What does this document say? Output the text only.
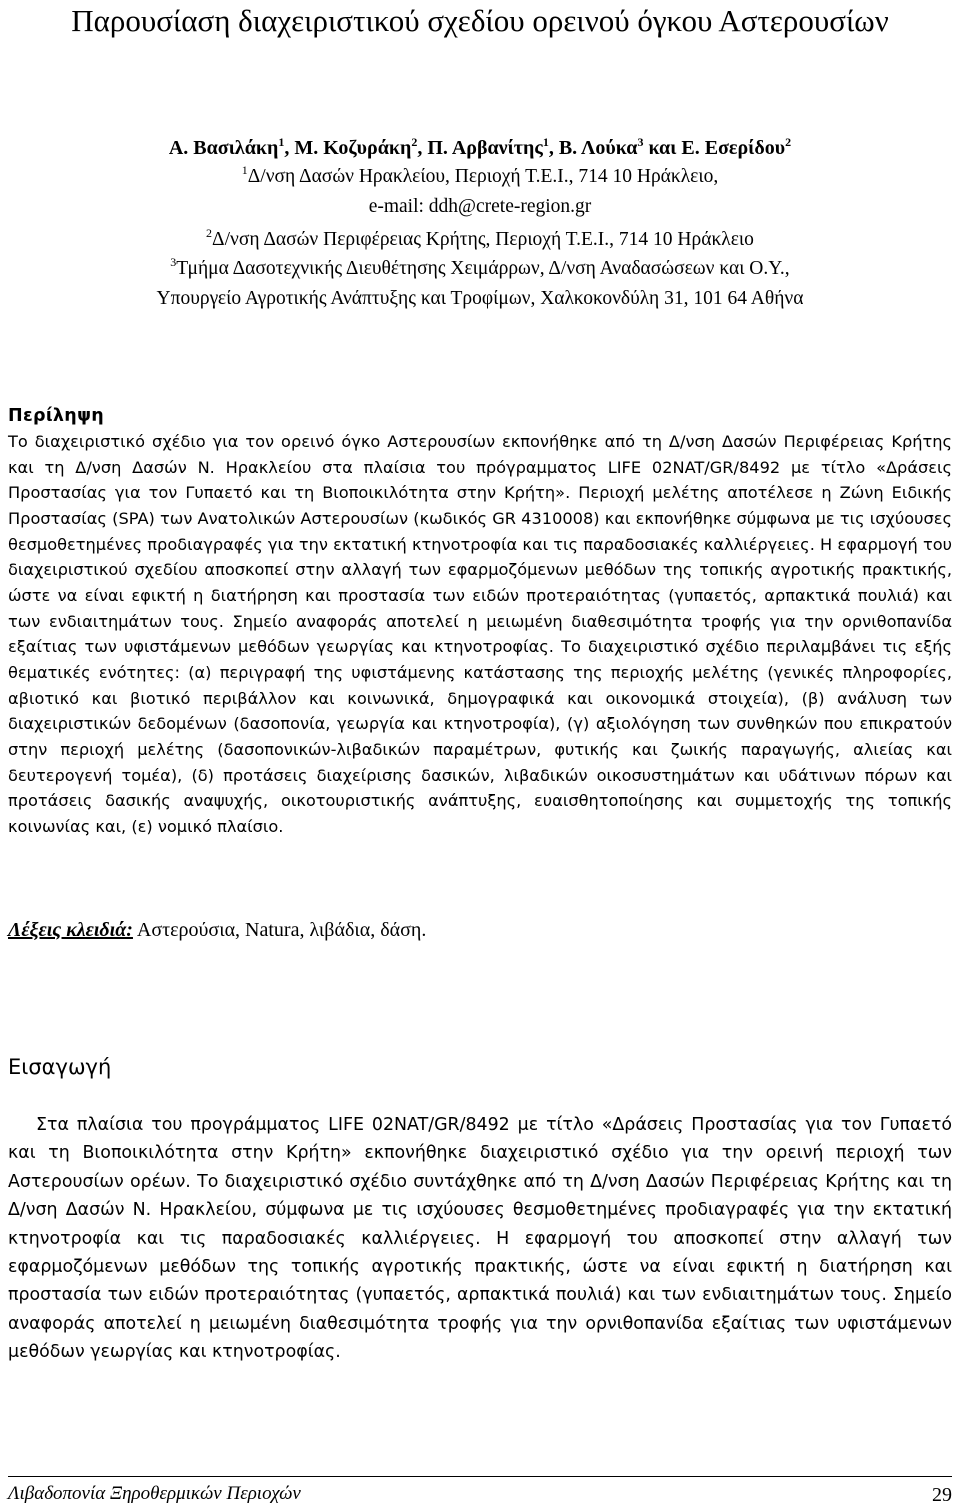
Παρουσίαση διαχειριστικού σχεδίου ορεινού όγκου Αστερουσίων
Α. Βασιλάκη$^1$, Μ. Κοζυράκη$^2$, Π. Αρβανίτης$^1$, Β. Λούκα$^3$ και Ε. Εσερίδου$^2$
$^1$Δ/νση Δασών Ηρακλείου, Περιοχή Τ.Ε.Ι., 714 10 Ηράκλειο,
e-mail: ddh@crete-region.gr
$^2$Δ/νση Δασών Περιφέρειας Κρήτης, Περιοχή Τ.Ε.Ι., 714 10 Ηράκλειο
$^3$Τμήμα Δασοτεχνικής Διευθέτησης Χειμάρρων, Δ/νση Αναδασώσεων και Ο.Υ.,
Υπουργείο Αγροτικής Ανάπτυξης και Τροφίμων, Χαλκοκονδύλη 31, 101 64 Αθήνα
Περίληψη

Το διαχειριστικό σχέδιο για τον ορεινό όγκο Αστερουσίων εκπονήθηκε από τη Δ/νση Δασών Περιφέρειας Κρήτης και τη Δ/νση Δασών Ν. Ηρακλείου στα πλαίσια του πρόγραμματος LIFE 02NAT/GR/8492 με τίτλο «Δράσεις Προστασίας για τον Γυπαετό και τη Βιοποικιλότητα στην Κρήτη». Περιοχή μελέτης αποτέλεσε η Ζώνη Ειδικής Προστασίας (SPA) των Ανατολικών Αστερουσίων (κωδικός GR 4310008) και εκπονήθηκε σύμφωνα με τις ισχύουσες θεσμοθετημένες προδιαγραφές για την εκτατική κτηνοτροφία και τις παραδοσιακές καλλιέργειες. Η εφαρμογή του διαχειριστικού σχεδίου αποσκοπεί στην αλλαγή των εφαρμοζόμενων μεθόδων της τοπικής αγροτικής πρακτικής, ώστε να είναι εφικτή η διατήρηση και προστασία των ειδών προτεραιότητας (γυπαετός, αρπακτικά πουλιά) και των ενδιαιτημάτων τους. Σημείο αναφοράς αποτελεί η μειωμένη διαθεσιμότητα τροφής για την ορνιθοπανίδα εξαίτιας των υφιστάμενων μεθόδων γεωργίας και κτηνοτροφίας. Το διαχειριστικό σχέδιο περιλαμβάνει τις εξής θεματικές ενότητες: (α) περιγραφή της υφιστάμενης κατάστασης της περιοχής μελέτης (γενικές πληροφορίες, αβιοτικό και βιοτικό περιβάλλον και κοινωνικά, δημογραφικά και οικονομικά στοιχεία), (β) ανάλυση των διαχειριστικών δεδομένων (δασοπονία, γεωργία και κτηνοτροφία), (γ) αξιολόγηση των συνθηκών που επικρατούν στην περιοχή μελέτης (δασοπονικών-λιβαδικών παραμέτρων, φυτικής και ζωικής παραγωγής, αλιείας και δευτερογενή τομέα), (δ) προτάσεις διαχείρισης δασικών, λιβαδικών οικοσυστημάτων και υδάτινων πόρων και προτάσεις δασικής αναψυχής, οικοτουριστικής ανάπτυξης, ευαισθητοποίησης και συμμετοχής της τοπικής κοινωνίας και, (ε) νομικό πλαίσιο.

Λέξεις κλειδιά: Αστερούσια, Natura, λιβάδια, δάση.
Εισαγωγή

Στα πλαίσια του προγράμματος LIFE 02NAT/GR/8492 με τίτλο «Δράσεις Προστασίας για τον Γυπαετό και τη Βιοποικιλότητα στην Κρήτη» εκπονήθηκε διαχειριστικό σχέδιο για την ορεινή περιοχή των Αστερουσίων ορέων. Το διαχειριστικό σχέδιο συντάχθηκε από τη Δ/νση Δασών Περιφέρειας Κρήτης και τη Δ/νση Δασών Ν. Ηρακλείου, σύμφωνα με τις ισχύουσες θεσμοθετημένες προδιαγραφές για την εκτατική κτηνοτροφία και τις παραδοσιακές καλλιέργειες. Η εφαρμογή του αποσκοπεί στην αλλαγή των εφαρμοζόμενων μεθόδων της τοπικής αγροτικής πρακτικής, ώστε να είναι εφικτή η διατήρηση και προστασία των ειδών προτεραιότητας (γυπαετός, αρπακτικά πουλιά) και των ενδιαιτημάτων τους. Σημείο αναφοράς αποτελεί η μειωμένη διαθεσιμότητα τροφής για την ορνιθοπανίδα εξαίτιας των υφιστάμενων μεθόδων γεωργίας και κτηνοτροφίας.

Λιβαδοπονία Ξηροθερμικών Περιοχών	29
